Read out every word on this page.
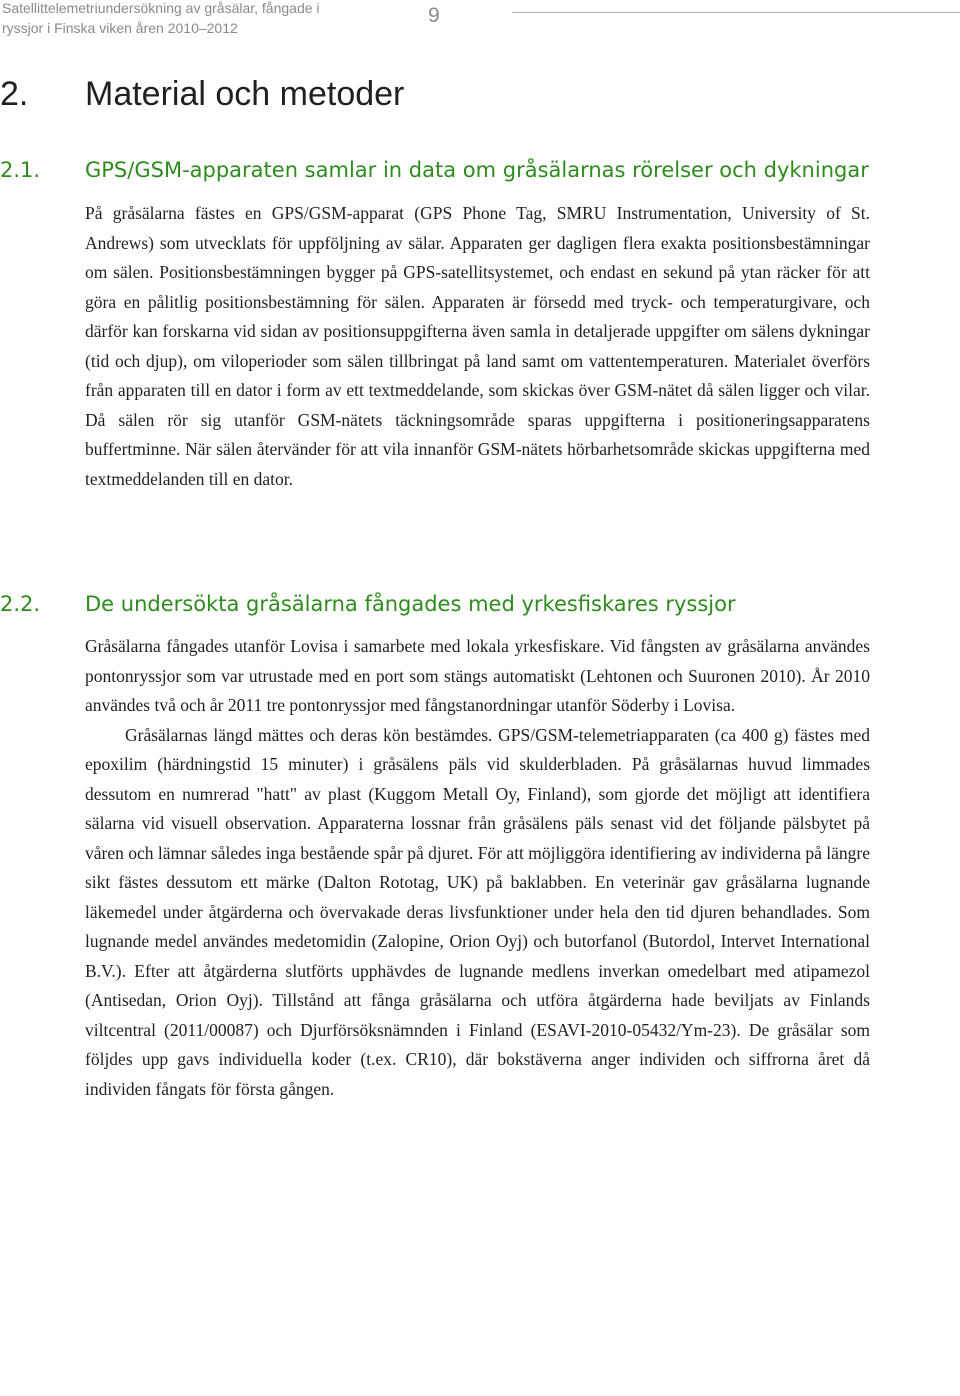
Satellittelemetriundersökning av gråsälar, fångade i ryssjor i Finska viken åren 2010–2012
9
2. Material och metoder
2.1. GPS/GSM-apparaten samlar in data om gråsälarnas rörelser och dykningar

På gråsälarna fästes en GPS/GSM-apparat (GPS Phone Tag, SMRU Instrumentation, University of St. Andrews) som utvecklats för uppföljning av sälar. Apparaten ger dagligen flera exakta positionsbestämningar om sälen. Positionsbestämningen bygger på GPS-satellitsystemet, och endast en sekund på ytan räcker för att göra en pålitlig positionsbestämning för sälen. Apparaten är försedd med tryck- och temperaturgivare, och därför kan forskarna vid sidan av positionsuppgifterna även samla in detaljerade uppgifter om sälens dykningar (tid och djup), om viloperioder som sälen tillbringat på land samt om vattentemperaturen. Materialet överförs från apparaten till en dator i form av ett textmeddelande, som skickas över GSM-nätet då sälen ligger och vilar. Då sälen rör sig utanför GSM-nätets täckningsområde sparas uppgifterna i positioneringsapparatens buffertminne. När sälen återvänder för att vila innanför GSM-nätets hörbarhetsområde skickas uppgifterna med textmeddelanden till en dator.

2.2. De undersökta gråsälarna fångades med yrkesfiskares ryssjor

Gråsälarna fångades utanför Lovisa i samarbete med lokala yrkesfiskare. Vid fångsten av gråsälarna användes pontonryssjor som var utrustade med en port som stängs automatiskt (Lehtonen och Suuronen 2010). År 2010 användes två och år 2011 tre pontonryssjor med fångstanordningar utanför Söderby i Lovisa.

Gråsälarnas längd mättes och deras kön bestämdes. GPS/GSM-telemetriapparaten (ca 400 g) fästes med epoxilim (härdningstid 15 minuter) i gråsälens päls vid skulderbladen. På gråsälarnas huvud limmades dessutom en numrerad "hatt" av plast (Kuggom Metall Oy, Finland), som gjorde det möjligt att identifiera sälarna vid visuell observation. Apparaterna lossnar från gråsälens päls senast vid det följande pälsbytet på våren och lämnar således inga bestående spår på djuret. För att möjliggöra identifiering av individerna på längre sikt fästes dessutom ett märke (Dalton Rototag, UK) på baklabben. En veterinär gav gråsälarna lugnande läkemedel under åtgärderna och övervakade deras livsfunktioner under hela den tid djuren behandlades. Som lugnande medel användes medetomidin (Zalopine, Orion Oyj) och butorfanol (Butordol, Intervet International B.V.). Efter att åtgärderna slutförts upphävdes de lugnande medlens inverkan omedelbart med atipamezol (Antisedan, Orion Oyj). Tillstånd att fånga gråsälarna och utföra åtgärderna hade beviljats av Finlands viltcentral (2011/00087) och Djurförsöksnämnden i Finland (ESAVI-2010-05432/Ym-23). De gråsälar som följdes upp gavs individuella koder (t.ex. CR10), där bokstäverna anger individen och siffrorna året då individen fångats för första gången.
